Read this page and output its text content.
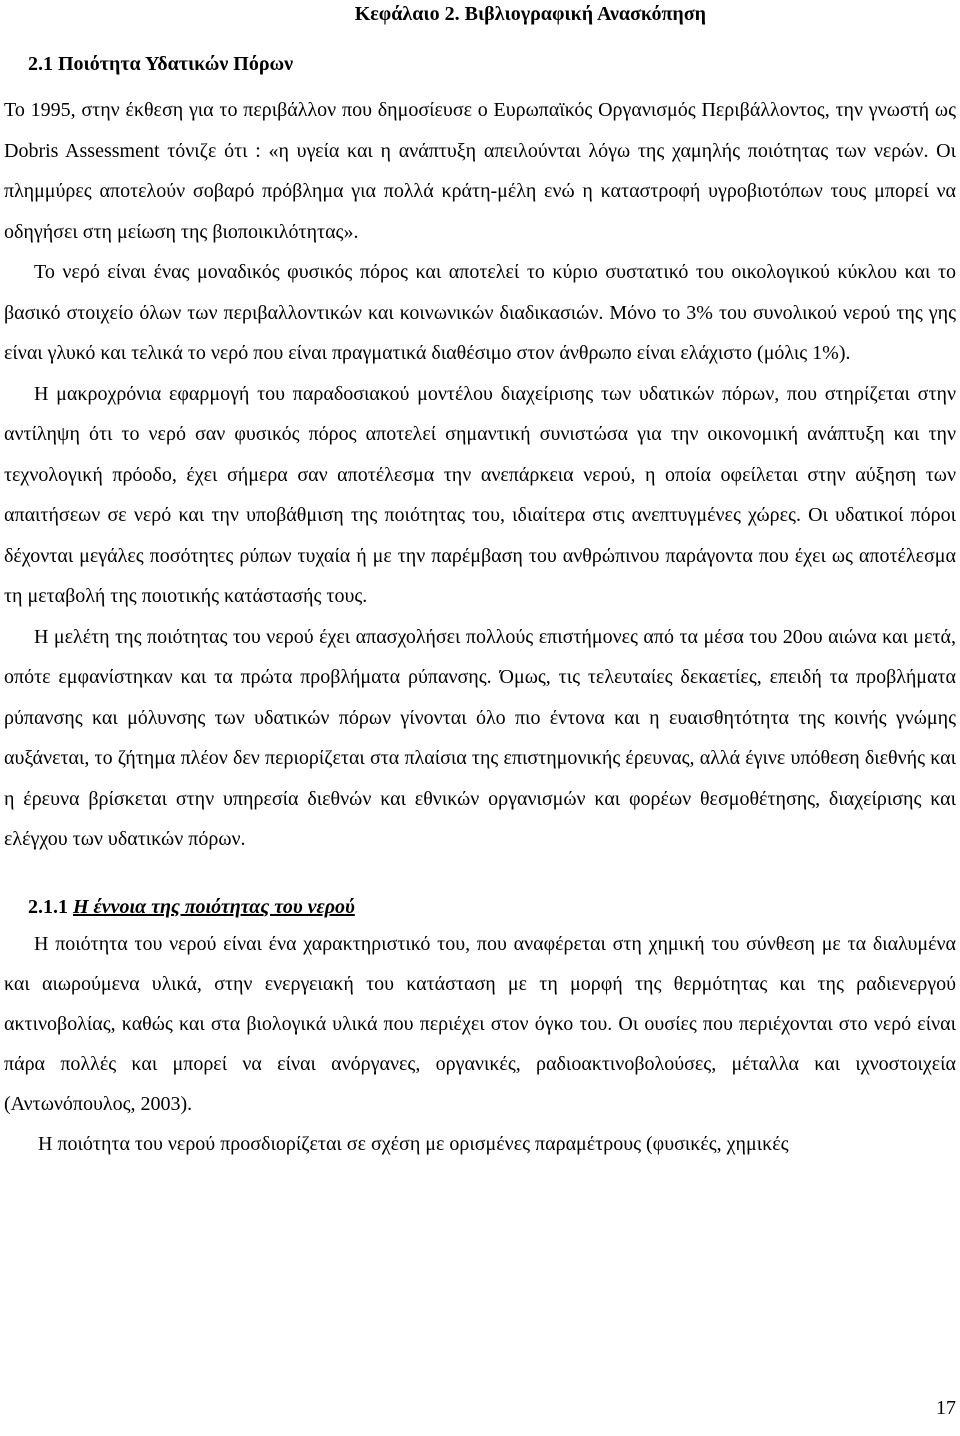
Κεφάλαιο 2. Βιβλιογραφική Ανασκόπηση
2.1 Ποιότητα Υδατικών Πόρων

Το 1995, στην έκθεση για το περιβάλλον που δημοσίευσε ο Ευρωπαϊκός Οργανισμός Περιβάλλοντος, την γνωστή ως Dobris Assessment τόνιζε ότι : «η υγεία και η ανάπτυξη απειλούνται λόγω της χαμηλής ποιότητας των νερών. Οι πλημμύρες αποτελούν σοβαρό πρόβλημα για πολλά κράτη-μέλη ενώ η καταστροφή υγροβιοτόπων τους μπορεί να οδηγήσει στη μείωση της βιοποικιλότητας».

Το νερό είναι ένας μοναδικός φυσικός πόρος και αποτελεί το κύριο συστατικό του οικολογικού κύκλου και το βασικό στοιχείο όλων των περιβαλλοντικών και κοινωνικών διαδικασιών. Μόνο το 3% του συνολικού νερού της γης είναι γλυκό και τελικά το νερό που είναι πραγματικά διαθέσιμο στον άνθρωπο είναι ελάχιστο (μόλις 1%).

Η μακροχρόνια εφαρμογή του παραδοσιακού μοντέλου διαχείρισης των υδατικών πόρων, που στηρίζεται στην αντίληψη ότι το νερό σαν φυσικός πόρος αποτελεί σημαντική συνιστώσα για την οικονομική ανάπτυξη και την τεχνολογική πρόοδο, έχει σήμερα σαν αποτέλεσμα την ανεπάρκεια νερού, η οποία οφείλεται στην αύξηση των απαιτήσεων σε νερό και την υποβάθμιση της ποιότητας του, ιδιαίτερα στις ανεπτυγμένες χώρες. Οι υδατικοί πόροι δέχονται μεγάλες ποσότητες ρύπων τυχαία ή με την παρέμβαση του ανθρώπινου παράγοντα που έχει ως αποτέλεσμα τη μεταβολή της ποιοτικής κατάστασής τους.

Η μελέτη της ποιότητας του νερού έχει απασχολήσει πολλούς επιστήμονες από τα μέσα του 20ου αιώνα και μετά, οπότε εμφανίστηκαν και τα πρώτα προβλήματα ρύπανσης. Όμως, τις τελευταίες δεκαετίες, επειδή τα προβλήματα ρύπανσης και μόλυνσης των υδατικών πόρων γίνονται όλο πιο έντονα και η ευαισθητότητα της κοινής γνώμης αυξάνεται, το ζήτημα πλέον δεν περιορίζεται στα πλαίσια της επιστημονικής έρευνας, αλλά έγινε υπόθεση διεθνής και η έρευνα βρίσκεται στην υπηρεσία διεθνών και εθνικών οργανισμών και φορέων θεσμοθέτησης, διαχείρισης και ελέγχου των υδατικών πόρων.

2.1.1 Η έννοια της ποιότητας του νερού

Η ποιότητα του νερού είναι ένα χαρακτηριστικό του, που αναφέρεται στη χημική του σύνθεση με τα διαλυμένα και αιωρούμενα υλικά, στην ενεργειακή του κατάσταση με τη μορφή της θερμότητας και της ραδιενεργού ακτινοβολίας, καθώς και στα βιολογικά υλικά που περιέχει στον όγκο του. Οι ουσίες που περιέχονται στο νερό είναι πάρα πολλές και μπορεί να είναι ανόργανες, οργανικές, ραδιοακτινοβολούσες, μέταλλα και ιχνοστοιχεία (Αντωνόπουλος, 2003).

Η ποιότητα του νερού προσδιορίζεται σε σχέση με ορισμένες παραμέτρους (φυσικές, χημικές

17
